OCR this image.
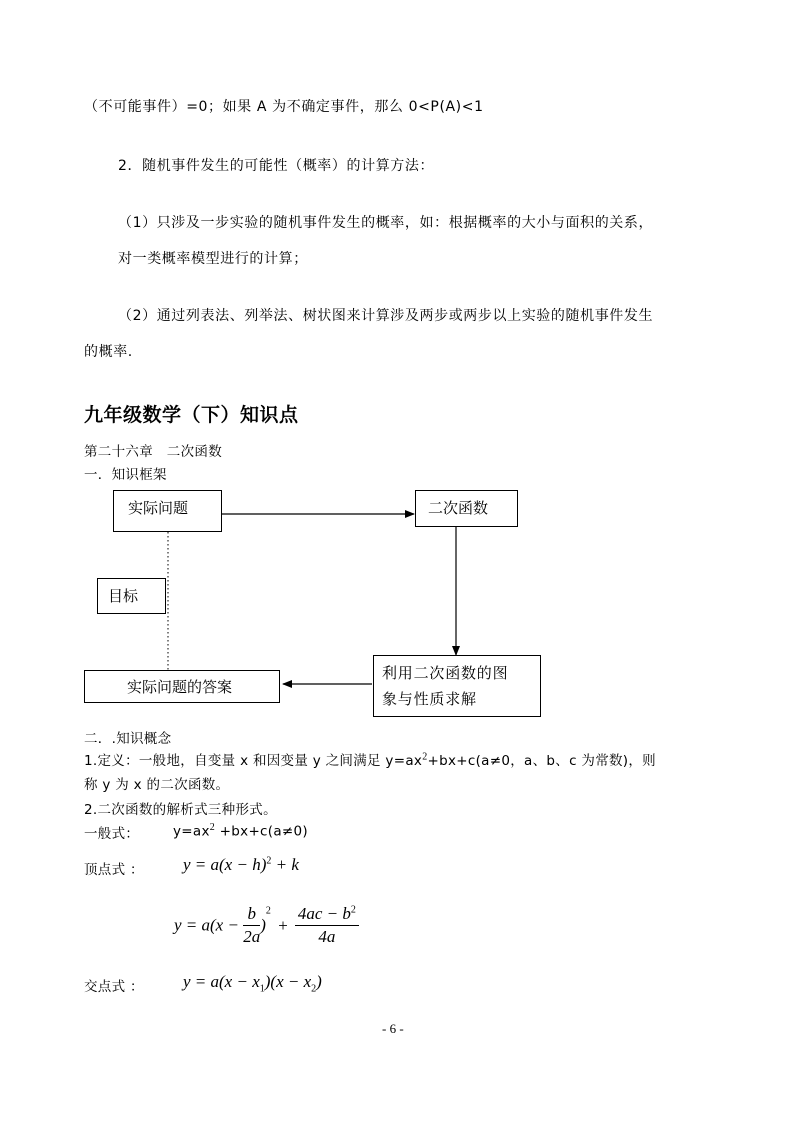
（不可能事件）=0；如果 A 为不确定事件，那么 0<P(A)<1
2．随机事件发生的可能性（概率）的计算方法：
（1）只涉及一步实验的随机事件发生的概率，如：根据概率的大小与面积的关系，
对一类概率模型进行的计算；
（2）通过列表法、列举法、树状图来计算涉及两步或两步以上实验的随机事件发生
的概率.
九年级数学（下）知识点
第二十六章　二次函数
一．知识框架
实际问题	二次函数
目标
利用二次函数的图
象与性质求解
实际问题的答案
二．.知识概念
1.定义：一般地，自变量 x 和因变量 y 之间满足 $y=ax^2+bx+c(a\ne 0$，a、b、c 为常数)，则
称 y 为 x 的二次函数。
2.二次函数的解析式三种形式。
一般式：	$y=ax^2 +bx+c(a\ne 0)$
顶点式 ： $y = a(x - h)^2 + k$
$y = a(x - \frac{b}{2a} )^2 + \frac{4ac - b^2}{4a}$
交点式 ： $y = a(x - x_1)(x - x_2)$
- 6 -
